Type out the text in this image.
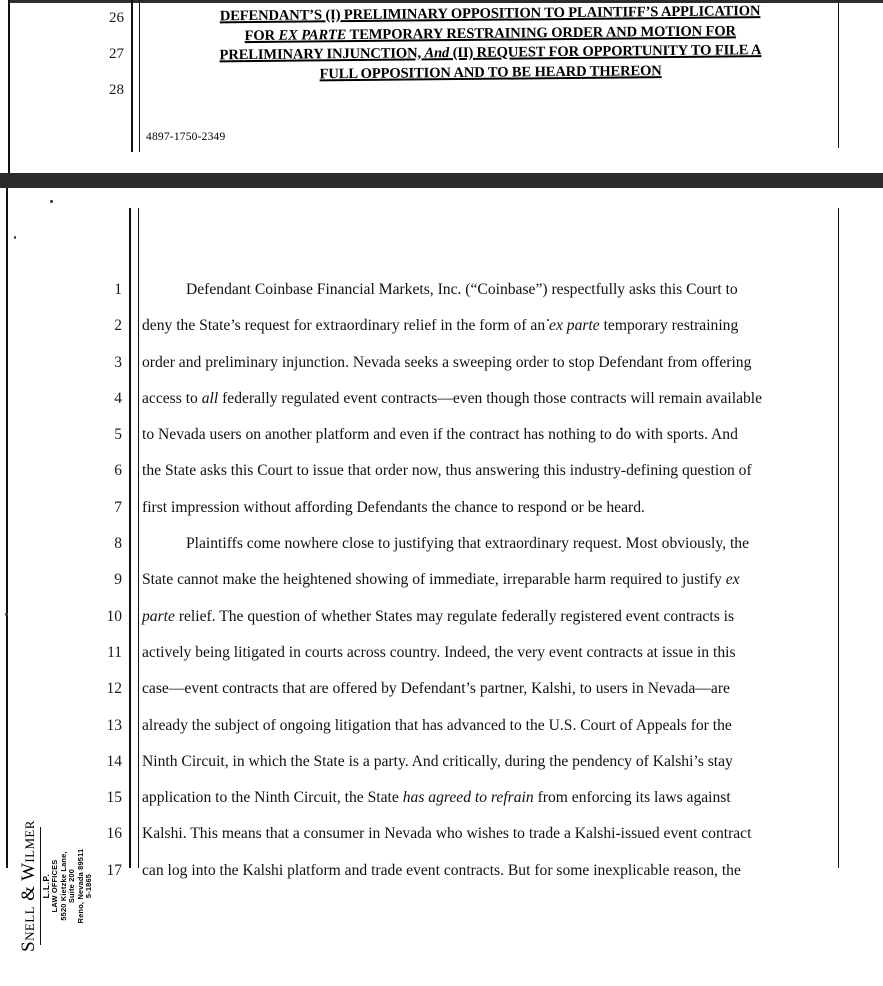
26
27
28
DEFENDANT’S (I) PRELIMINARY OPPOSITION TO PLAINTIFF’S APPLICATION
FOR EX PARTE TEMPORARY RESTRAINING ORDER AND MOTION FOR
PRELIMINARY INJUNCTION, And (II) REQUEST FOR OPPORTUNITY TO FILE A
FULL OPPOSITION AND TO BE HEARD THEREON
4897-1750-2349
Snell & Wilmer L.L.P. LAW OFFICES 5520 Kietzke Lane, Suite 200 Reno, Nevada 89511 5-1865
1
2
3
4
5
6
7
8
9
10
11
12
13
14
15
16
17
Defendant Coinbase Financial Markets, Inc. (“Coinbase”) respectfully asks this Court to
deny the State’s request for extraordinary relief in the form of an ex parte temporary restraining
order and preliminary injunction. Nevada seeks a sweeping order to stop Defendant from offering
access to all federally regulated event contracts—even though those contracts will remain available
to Nevada users on another platform and even if the contract has nothing to do with sports. And
the State asks this Court to issue that order now, thus answering this industry-defining question of
first impression without affording Defendants the chance to respond or be heard.
Plaintiffs come nowhere close to justifying that extraordinary request. Most obviously, the
State cannot make the heightened showing of immediate, irreparable harm required to justify ex
parte relief. The question of whether States may regulate federally registered event contracts is
actively being litigated in courts across country. Indeed, the very event contracts at issue in this
case—event contracts that are offered by Defendant’s partner, Kalshi, to users in Nevada—are
already the subject of ongoing litigation that has advanced to the U.S. Court of Appeals for the
Ninth Circuit, in which the State is a party. And critically, during the pendency of Kalshi’s stay
application to the Ninth Circuit, the State has agreed to refrain from enforcing its laws against
Kalshi. This means that a consumer in Nevada who wishes to trade a Kalshi-issued event contract
can log into the Kalshi platform and trade event contracts. But for some inexplicable reason, the
